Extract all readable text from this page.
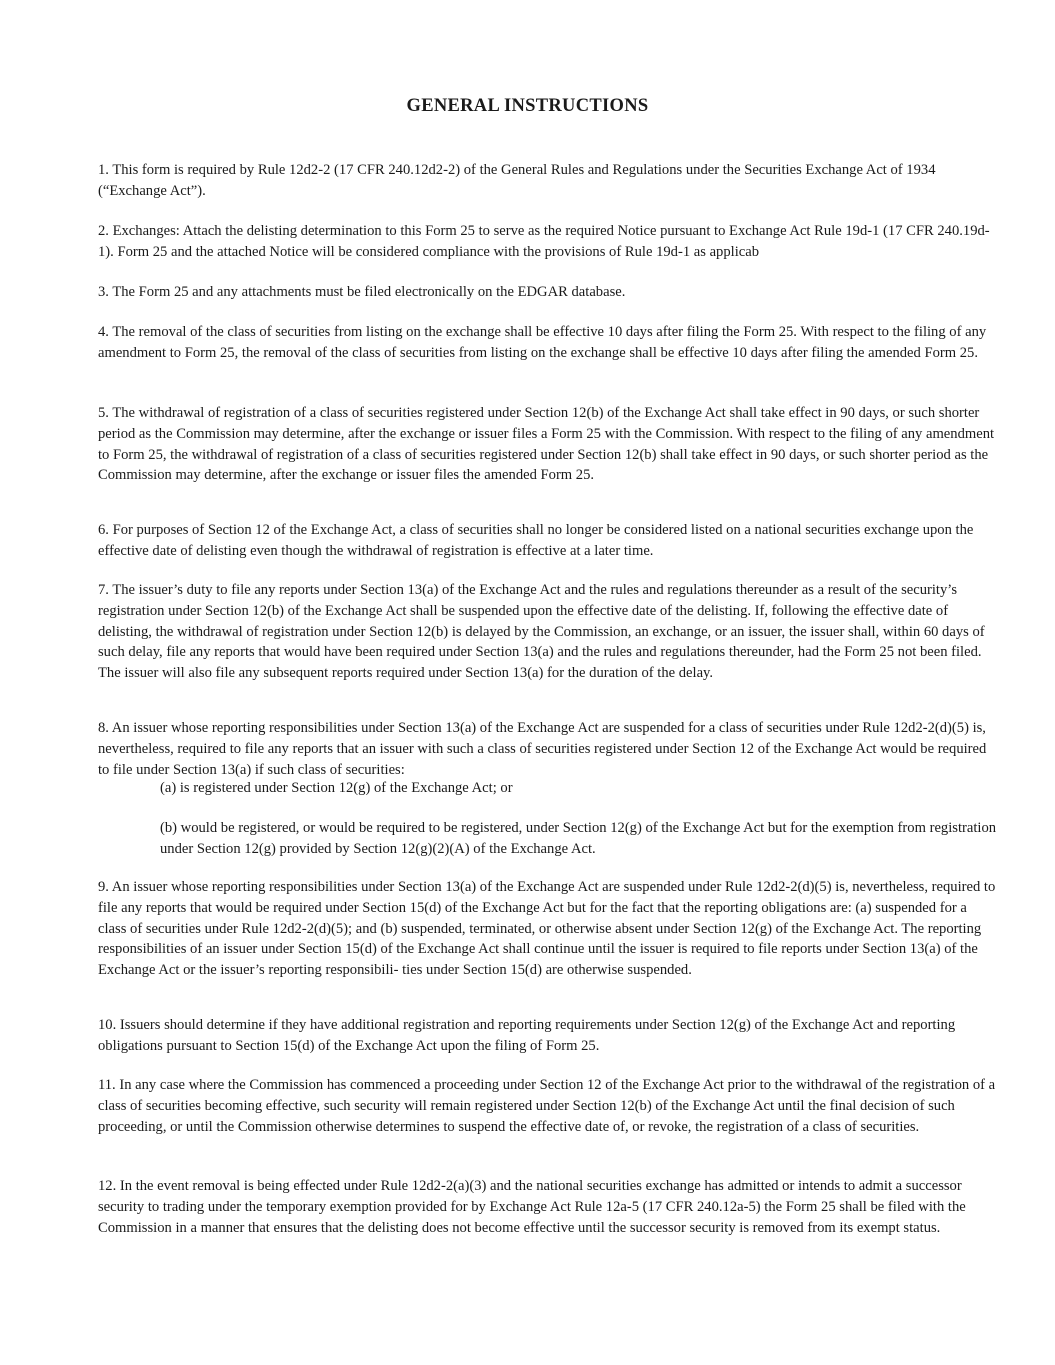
GENERAL INSTRUCTIONS

1. This form is required by Rule 12d2-2 (17 CFR 240.12d2-2) of the General Rules and Regulations under the Securities Exchange Act of 1934 (“Exchange Act”).

2. Exchanges: Attach the delisting determination to this Form 25 to serve as the required Notice pursuant to Exchange Act Rule 19d-1 (17 CFR 240.19d-1). Form 25 and the attached Notice will be considered compliance with the provisions of Rule 19d-1 as applicab

3. The Form 25 and any attachments must be filed electronically on the EDGAR database.

4. The removal of the class of securities from listing on the exchange shall be effective 10 days after filing the Form 25. With respect to the filing of any amendment to Form 25, the removal of the class of securities from listing on the exchange shall be effective 10 days after filing the amended Form 25.

5. The withdrawal of registration of a class of securities registered under Section 12(b) of the Exchange Act shall take effect in 90 days, or such shorter period as the Commission may determine, after the exchange or issuer files a Form 25 with the Commission. With respect to the filing of any amendment to Form 25, the withdrawal of registration of a class of securities registered under Section 12(b) shall take effect in 90 days, or such shorter period as the Commission may determine, after the exchange or issuer files the amended Form 25.

6. For purposes of Section 12 of the Exchange Act, a class of securities shall no longer be considered listed on a national securities exchange upon the effective date of delisting even though the withdrawal of registration is effective at a later time.

7. The issuer’s duty to file any reports under Section 13(a) of the Exchange Act and the rules and regulations thereunder as a result of the security’s registration under Section 12(b) of the Exchange Act shall be suspended upon the effective date of the delisting. If, following the effective date of delisting, the withdrawal of registration under Section 12(b) is delayed by the Commission, an exchange, or an issuer, the issuer shall, within 60 days of such delay, file any reports that would have been required under Section 13(a) and the rules and regulations thereunder, had the Form 25 not been filed. The issuer will also file any subsequent reports required under Section 13(a) for the duration of the delay.

8. An issuer whose reporting responsibilities under Section 13(a) of the Exchange Act are suspended for a class of securities under Rule 12d2-2(d)(5) is, nevertheless, required to file any reports that an issuer with such a class of securities registered under Section 12 of the Exchange Act would be required to file under Section 13(a) if such class of securities:

(a) is registered under Section 12(g) of the Exchange Act; or

(b) would be registered, or would be required to be registered, under Section 12(g) of the Exchange Act but for the exemption from registration under Section 12(g) provided by Section 12(g)(2)(A) of the Exchange Act.

9. An issuer whose reporting responsibilities under Section 13(a) of the Exchange Act are suspended under Rule 12d2-2(d)(5) is, nevertheless, required to file any reports that would be required under Section 15(d) of the Exchange Act but for the fact that the reporting obligations are: (a) suspended for a class of securities under Rule 12d2-2(d)(5); and (b) suspended, terminated, or otherwise absent under Section 12(g) of the Exchange Act. The reporting responsibilities of an issuer under Section 15(d) of the Exchange Act shall continue until the issuer is required to file reports under Section 13(a) of the Exchange Act or the issuer’s reporting responsibili- ties under Section 15(d) are otherwise suspended.

10. Issuers should determine if they have additional registration and reporting requirements under Section 12(g) of the Exchange Act and reporting obligations pursuant to Section 15(d) of the Exchange Act upon the filing of Form 25.

11. In any case where the Commission has commenced a proceeding under Section 12 of the Exchange Act prior to the withdrawal of the registration of a class of securities becoming effective, such security will remain registered under Section 12(b) of the Exchange Act until the final decision of such proceeding, or until the Commission otherwise determines to suspend the effective date of, or revoke, the registration of a class of securities.

12. In the event removal is being effected under Rule 12d2-2(a)(3) and the national securities exchange has admitted or intends to admit a successor security to trading under the temporary exemption provided for by Exchange Act Rule 12a-5 (17 CFR 240.12a-5) the Form 25 shall be filed with the Commission in a manner that ensures that the delisting does not become effective until the successor security is removed from its exempt status.
